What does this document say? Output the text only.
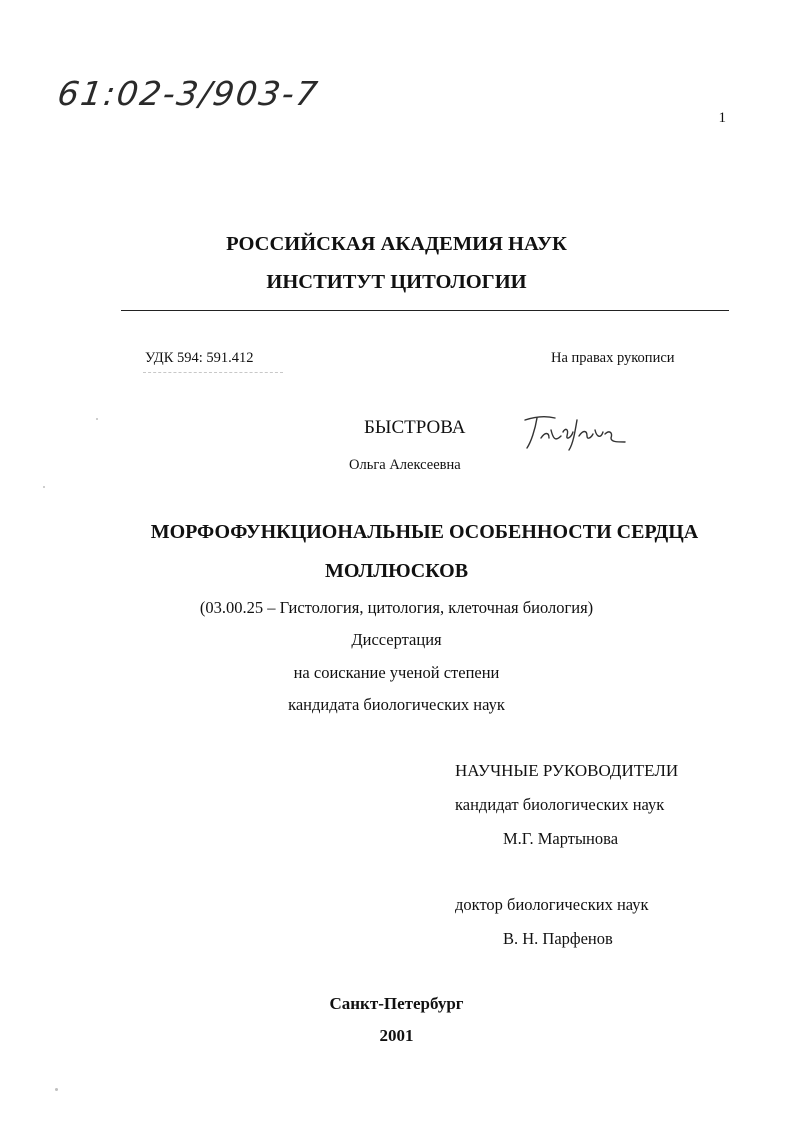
61:02-3/903-7
1
РОССИЙСКАЯ АКАДЕМИЯ НАУК
ИНСТИТУТ ЦИТОЛОГИИ
УДК 594: 591.412	На правах рукописи
БЫСТРОВА
Ольга Алексеевна
МОРФОФУНКЦИОНАЛЬНЫЕ ОСОБЕННОСТИ СЕРДЦА
МОЛЛЮСКОВ
(03.00.25 – Гистология, цитология, клеточная биология)
Диссертация
на соискание ученой степени
кандидата биологических наук
НАУЧНЫЕ РУКОВОДИТЕЛИ
кандидат биологических наук
М.Г. Мартынова
доктор биологических наук
В. Н. Парфенов
Санкт-Петербург
2001
